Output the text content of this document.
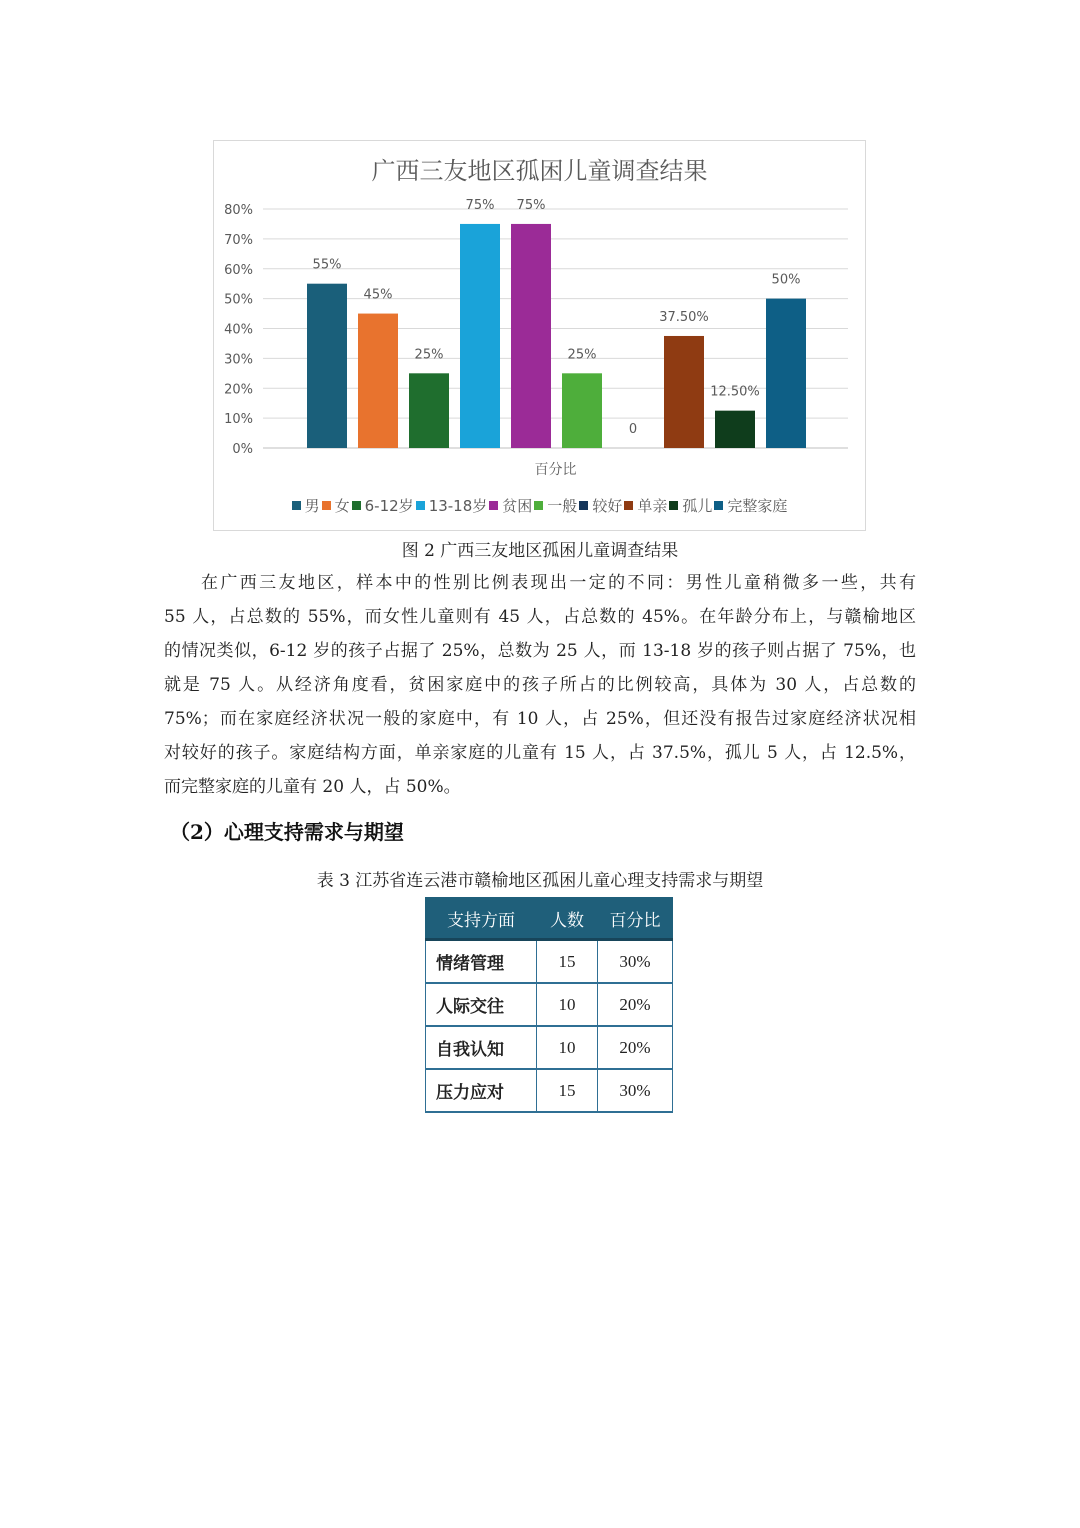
0%
10%
20%
30%
40%
50%
60%
70%
80%
55%
45%
25%
75% 75%
25%
0
37.50%
12.50%
50%
百分比
广西三友地区孤困儿童调查结果
男 女 6-12岁 13-18岁 贫困 一般 较好 单亲 孤儿 完整家庭
图 2 广西三友地区孤困儿童调查结果
在广西三友地区，样本中的性别比例表现出一定的不同：男性儿童稍微多一些，共有
55 人，占总数的 55%，而女性儿童则有 45 人，占总数的 45%。在年龄分布上，与赣榆地区
的情况类似，6-12 岁的孩子占据了 25%，总数为 25 人，而 13-18 岁的孩子则占据了 75%，也
就是 75 人。从经济角度看，贫困家庭中的孩子所占的比例较高，具体为 30 人，占总数的
75%；而在家庭经济状况一般的家庭中，有 10 人，占 25%，但还没有报告过家庭经济状况相
对较好的孩子。家庭结构方面，单亲家庭的儿童有 15 人，占 37.5%，孤儿 5 人，占 12.5%，
而完整家庭的儿童有 20 人，占 50%。
（2）心理支持需求与期望
表 3 江苏省连云港市赣榆地区孤困儿童心理支持需求与期望
支持方面	人数	百分比
情绪管理	15	30%
人际交往	10	20%
自我认知	10	20%
压力应对	15	30%
